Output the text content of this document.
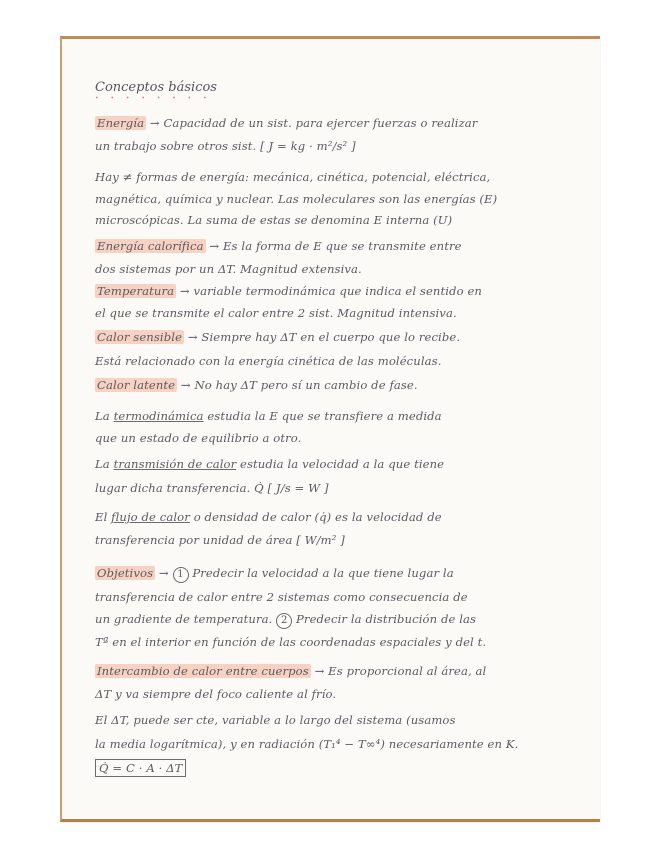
Conceptos básicos
• • • • • • • •
Energía → Capacidad de un sist. para ejercer fuerzas o realizar
un trabajo sobre otros sist. [ J = kg · m²/s² ]
Hay ≠ formas de energía: mecánica, cinética, potencial, eléctrica,
magnética, química y nuclear. Las moleculares son las energías (E)
microscópicas. La suma de estas se denomina E interna (U)
Energía calorífica → Es la forma de E que se transmite entre
dos sistemas por un ΔT. Magnitud extensiva.
Temperatura → variable termodinámica que indica el sentido en
el que se transmite el calor entre 2 sist. Magnitud intensiva.
Calor sensible → Siempre hay ΔT en el cuerpo que lo recibe.
Está relacionado con la energía cinética de las moléculas.
Calor latente → No hay ΔT pero sí un cambio de fase.
La termodinámica estudia la E que se transfiere a medida
que un estado de equilibrio a otro.
La transmisión de calor estudia la velocidad a la que tiene
lugar dicha transferencia. Q̇ [ J/s = W ]
El flujo de calor o densidad de calor (q̇) es la velocidad de
transferencia por unidad de área [ W/m² ]
Objetivos → 1 Predecir la velocidad a la que tiene lugar la
transferencia de calor entre 2 sistemas como consecuencia de
un gradiente de temperatura. 2 Predecir la distribución de las
Tª en el interior en función de las coordenadas espaciales y del t.
Intercambio de calor entre cuerpos → Es proporcional al área, al
ΔT y va siempre del foco caliente al frío.
El ΔT, puede ser cte, variable a lo largo del sistema (usamos
la media logarítmica), y en radiación (T₁⁴ − T∞⁴) necesariamente en K.
Q̇ = C · A · ΔT
